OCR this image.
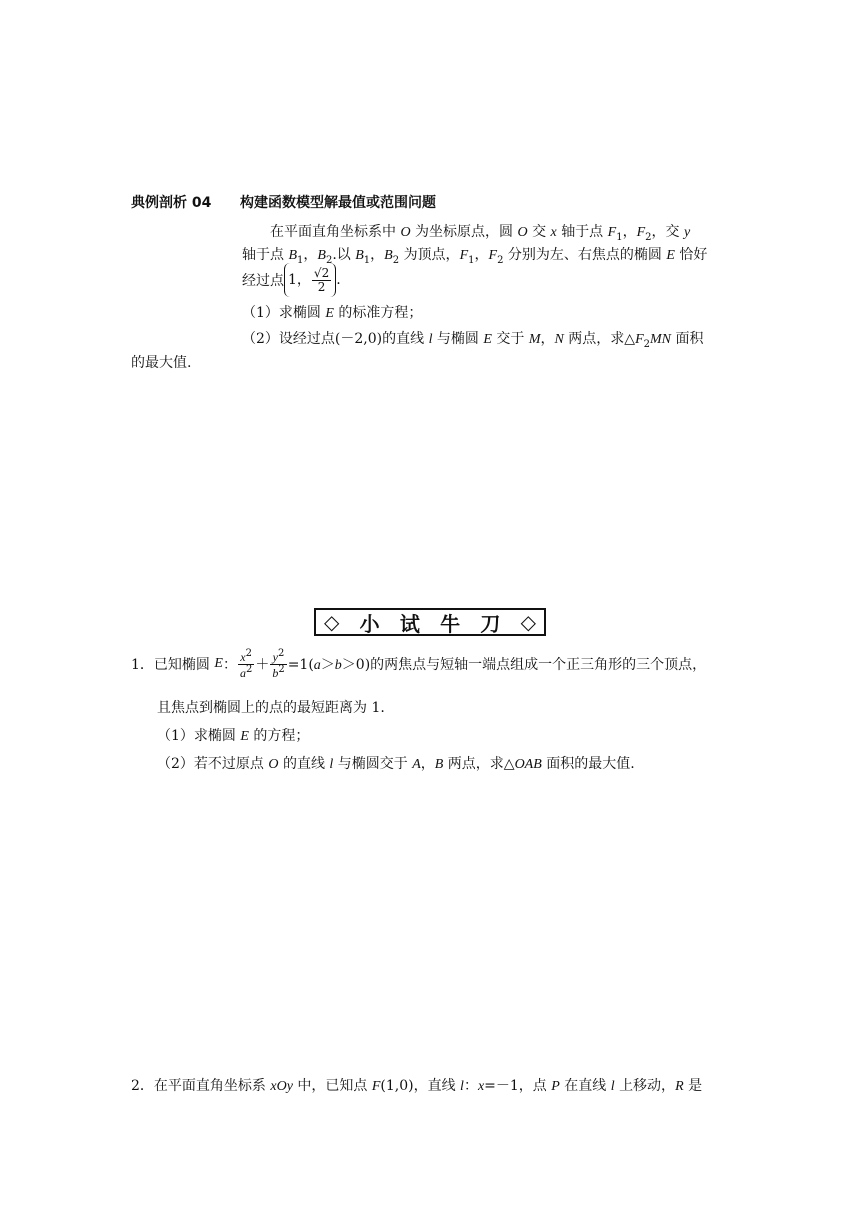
典例剖析 04 构建函数模型解最值或范围问题
在平面直角坐标系中 O 为坐标原点，圆 O 交 x 轴于点 $F_1$，$F_2$，交 y
轴于点 $B_1$，$B_2$.以 $B_1$，$B_2$ 为顶点，$F_1$，$F_2$ 分别为左、右焦点的椭圆 E 恰好
经过点 1， $\frac{√2}{2}$ .
（1）求椭圆 E 的标准方程；
（2）设经过点(－2,0)的直线 l 与椭圆 E 交于 M，N 两点，求$\triangle F_2MN$ 面积
的最大值.
◇ 小 试 牛 刀 ◇
1．已知椭圆 E： $\frac{x^2}{a^2} + \frac{y^2}{b^2} =1(a>b>0)$的两焦点与短轴一端点组成一个正三角形的三个顶点，
且焦点到椭圆上的点的最短距离为 1.
（1）求椭圆 E 的方程；
（2）若不过原点 O 的直线 l 与椭圆交于 A，B 两点，求△OAB 面积的最大值.
2．在平面直角坐标系 xOy 中，已知点 F(1,0)，直线 l：x=－1，点 P 在直线 l 上移动，R 是
